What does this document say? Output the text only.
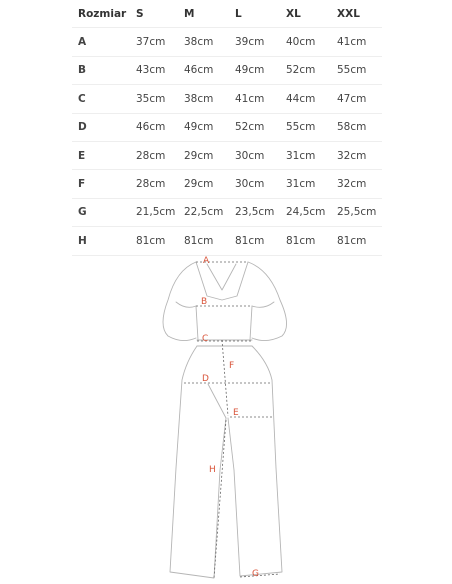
Rozmiar	S	M	L	XL	XXL
A	37cm	38cm	39cm	40cm	41cm
B	43cm	46cm	49cm	52cm	55cm
C	35cm	38cm	41cm	44cm	47cm
D	46cm	49cm	52cm	55cm	58cm
E	28cm	29cm	30cm	31cm	32cm
F	28cm	29cm	30cm	31cm	32cm
G	21,5cm	22,5cm	23,5cm	24,5cm	25,5cm
H	81cm	81cm	81cm	81cm	81cm
A
B
C
D
E
F
G
H
